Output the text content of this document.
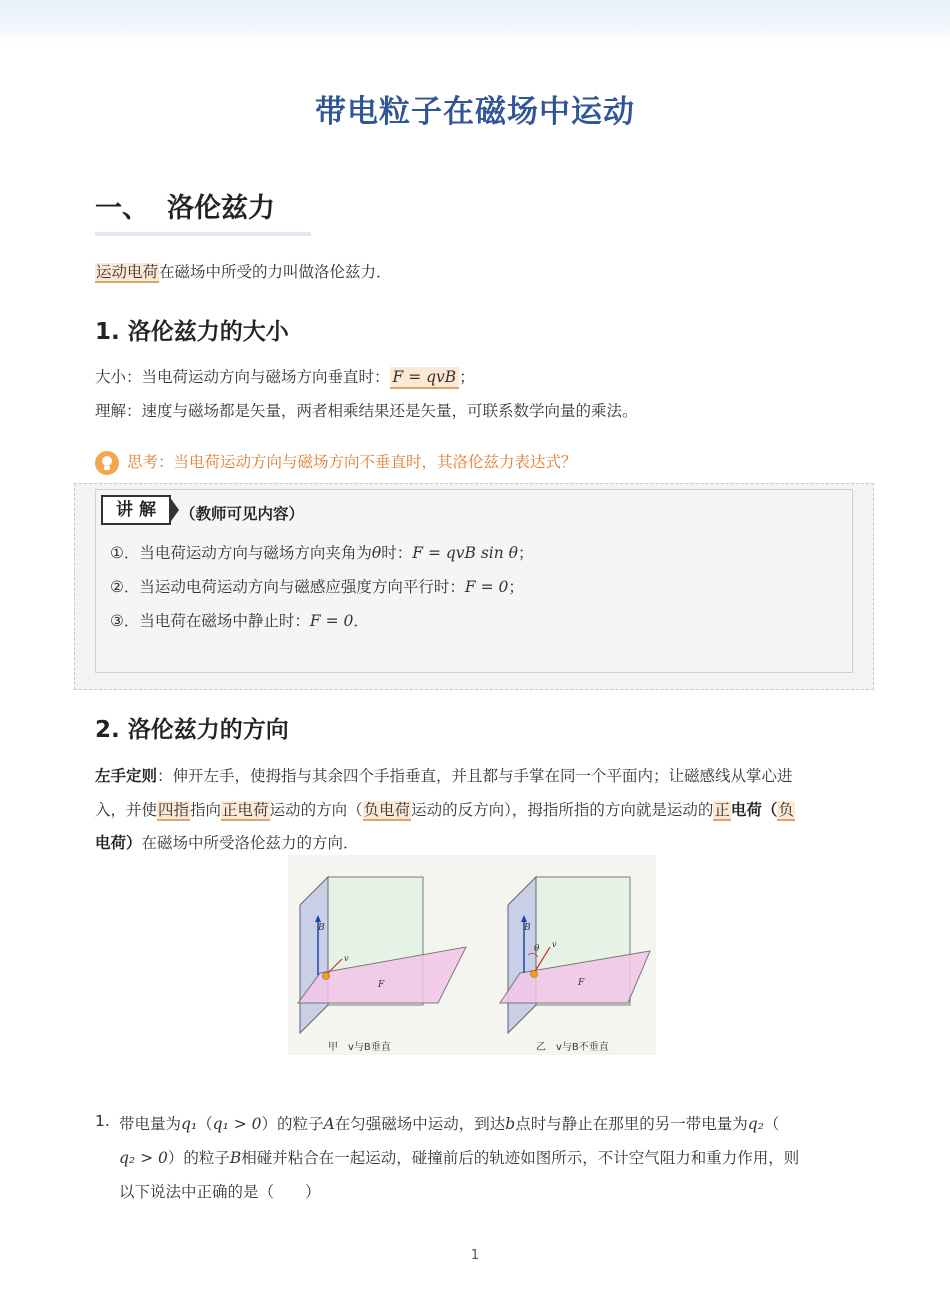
带电粒子在磁场中运动
一、 洛伦兹力
运动电荷在磁场中所受的力叫做洛伦兹力．
1. 洛伦兹力的大小
大小：当电荷运动方向与磁场方向垂直时： F = qvB ；
理解：速度与磁场都是矢量，两者相乘结果还是矢量，可联系数学向量的乘法。
思考：当电荷运动方向与磁场方向不垂直时，其洛伦兹力表达式？
讲 解	（教师可见内容）
①．当电荷运动方向与磁场方向夹角为θ时：F = qvB sin θ；
②．当运动电荷运动方向与磁感应强度方向平行时：F = 0；
③．当电荷在磁场中静止时：F = 0．
2. 洛伦兹力的方向
左手定则：伸开左手，使拇指与其余四个手指垂直，并且都与手掌在同一个平面内；让磁感线从掌心进
入，并使四指指向正电荷运动的方向（负电荷运动的反方向），拇指所指的方向就是运动的正电荷（负
电荷）在磁场中所受洛伦兹力的方向．
B
v
F
B
θ v
F
甲　v与B垂直	乙　v与B不垂直
1. 带电量为q₁（q₁ > 0）的粒子A在匀强磁场中运动，到达b点时与静止在那里的另一带电量为q₂（
q₂ > 0）的粒子B相碰并粘合在一起运动，碰撞前后的轨迹如图所示，不计空气阻力和重力作用，则
以下说法中正确的是（　　）
1
